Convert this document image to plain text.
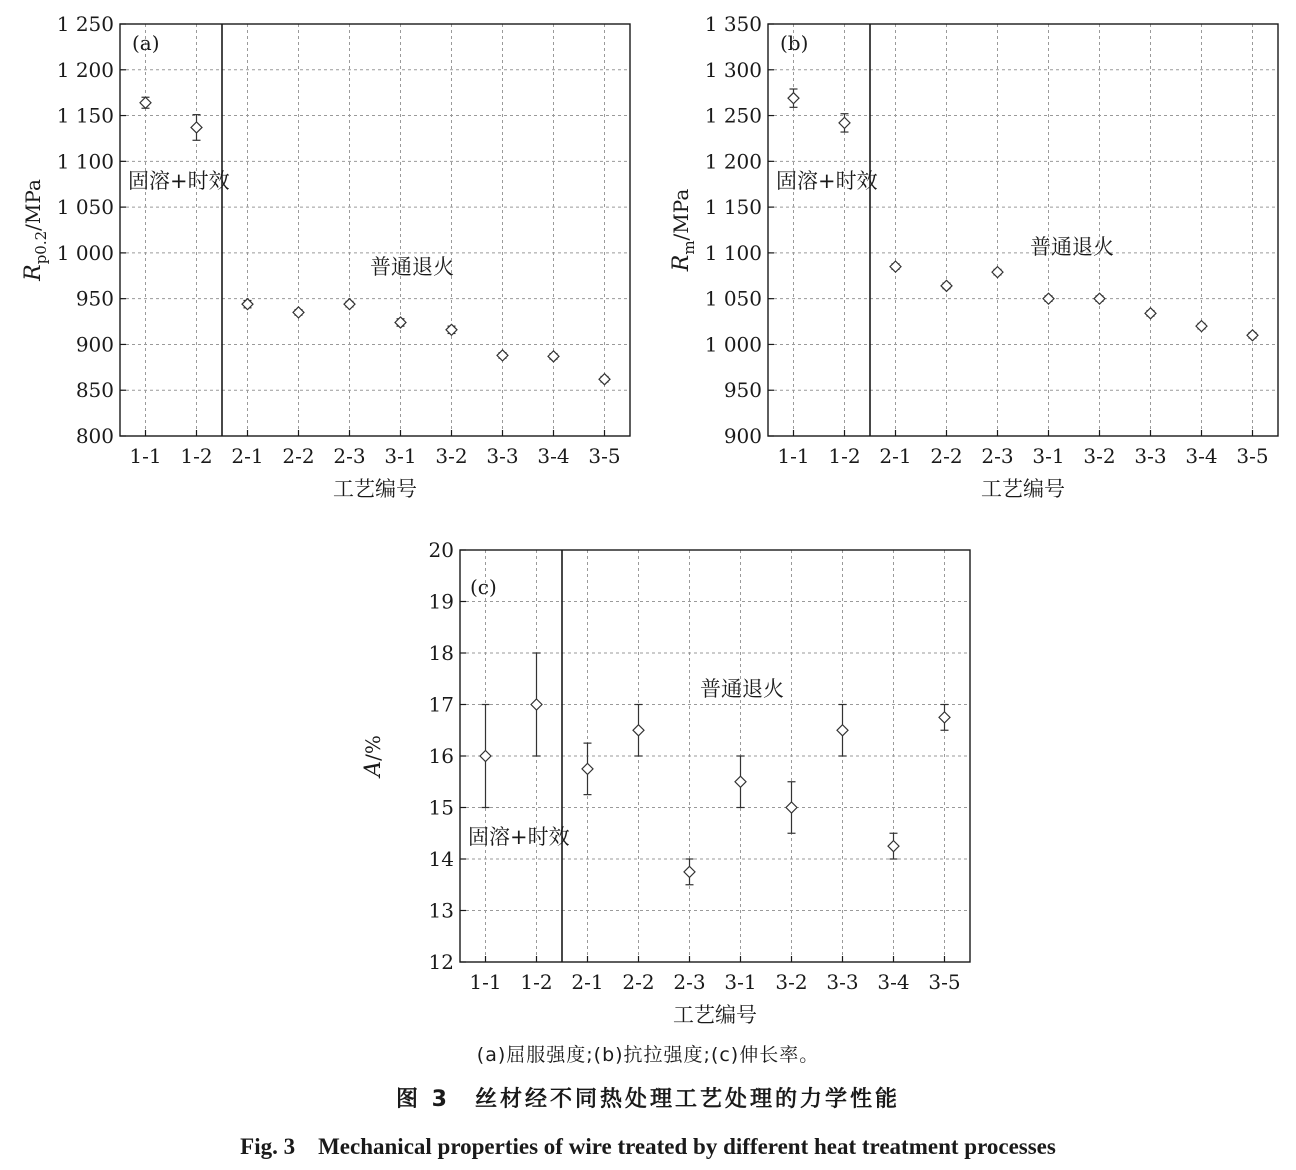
800
850
900
950
1 000
1 050
1 100
1 150
1 200
1 250
1-1 1-2 2-1 2-2 2-3 3-1 3-2 3-3 3-4 3-5
工艺编号
$R_{p0.2}$/MPa
(a)
固溶+时效
普通退火
900
950
1 000
1 050
1 100
1 150
1 200
1 250
1 300
1 350
1-1 1-2 2-1 2-2 2-3 3-1 3-2 3-3 3-4 3-5
工艺编号
$R_m$/MPa
(b)
固溶+时效
普通退火
12
13
14
15
16
17
18
19
20
1-1 1-2 2-1 2-2 2-3 3-1 3-2 3-3 3-4 3-5
工艺编号
A/%
(c)
固溶+时效
普通退火
(a)屈服强度;(b)抗拉强度;(c)伸长率。
图 3　丝材经不同热处理工艺处理的力学性能
Fig. 3　Mechanical properties of wire treated by different heat treatment processes
